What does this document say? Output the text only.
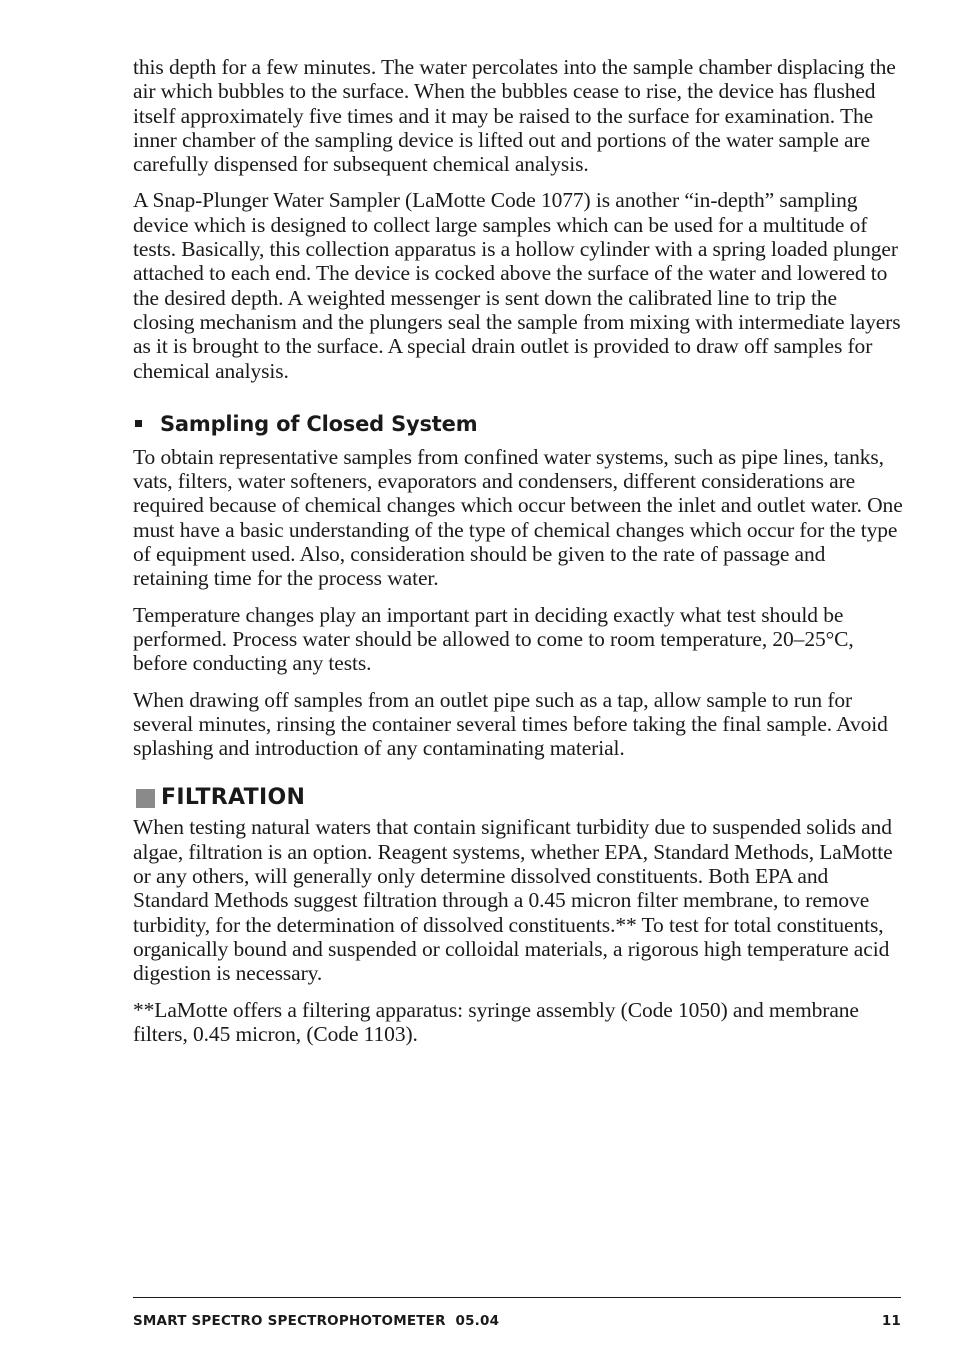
this depth for a few minutes. The water percolates into the sample chamber displacing the air which bubbles to the surface. When the bubbles cease to rise, the device has flushed itself approximately five times and it may be raised to the surface for examination. The inner chamber of the sampling device is lifted out and portions of the water sample are carefully dispensed for subsequent chemical analysis.

A Snap-Plunger Water Sampler (LaMotte Code 1077) is another “in-depth” sampling device which is designed to collect large samples which can be used for a multitude of tests. Basically, this collection apparatus is a hollow cylinder with a spring loaded plunger attached to each end. The device is cocked above the surface of the water and lowered to the desired depth. A weighted messenger is sent down the calibrated line to trip the closing mechanism and the plungers seal the sample from mixing with intermediate layers as it is brought to the surface. A special drain outlet is provided to draw off samples for chemical analysis.

Sampling of Closed System

To obtain representative samples from confined water systems, such as pipe lines, tanks, vats, filters, water softeners, evaporators and condensers, different considerations are required because of chemical changes which occur between the inlet and outlet water. One must have a basic understanding of the type of chemical changes which occur for the type of equipment used. Also, consideration should be given to the rate of passage and retaining time for the process water.

Temperature changes play an important part in deciding exactly what test should be performed. Process water should be allowed to come to room temperature, 20–25°C, before conducting any tests.

When drawing off samples from an outlet pipe such as a tap, allow sample to run for several minutes, rinsing the container several times before taking the final sample. Avoid splashing and introduction of any contaminating material.

FILTRATION

When testing natural waters that contain significant turbidity due to suspended solids and algae, filtration is an option. Reagent systems, whether EPA, Standard Methods, LaMotte or any others, will generally only determine dissolved constituents. Both EPA and Standard Methods suggest filtration through a 0.45 micron filter membrane, to remove turbidity, for the determination of dissolved constituents.** To test for total constituents, organically bound and suspended or colloidal materials, a rigorous high temperature acid digestion is necessary.

**LaMotte offers a filtering apparatus: syringe assembly (Code 1050) and membrane filters, 0.45 micron, (Code 1103).

SMART SPECTRO SPECTROPHOTOMETER  05.04	11
